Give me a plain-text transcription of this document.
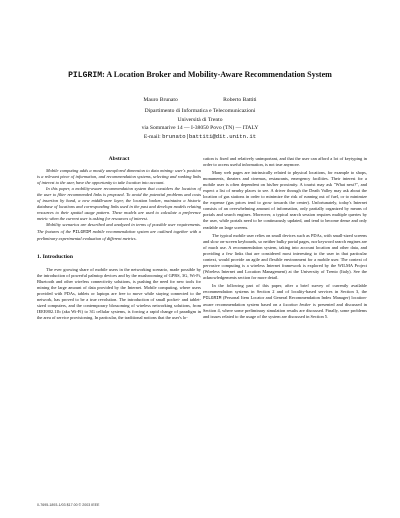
PILGRIM: A Location Broker and Mobility-Aware Recommendation System
Mauro Brunato	Roberto Battiti
Dipartimento di Informatica e Telecomunicazioni
Università di Trento
via Sommarive 14 — I-38050 Povo (TN) — ITALY
E-mail: brunato|battiti@dit.unitn.it
Abstract

Mobile computing adds a mostly unexplored dimension to data mining: user's position is a relevant piece of information, and recommendation systems, selecting and ranking links of interest to the user, have the opportunity to take location into account.

In this paper, a mobility-aware recommendation system that considers the location of the user to filter recommended links is proposed. To avoid the potential problems and costs of insertion by hand, a new middleware layer, the location broker, maintains a historic database of locations and corresponding links used in the past and develops models relating resources to their spatial usage pattern. These models are used to calculate a preference metric when the current user is asking for resources of interest.

Mobility scenarios are described and analyzed in terms of possible user requirements. The features of the PILGRIM mobile recommendation system are outlined together with a preliminary experimental evaluation of different metrics.

1. Introduction

The ever growing share of mobile users in the networking scenario, made possible by the introduction of powerful palmtop devices and by the mushrooming of GPRS, 3G, Wi-Fi, Bluetooth and other wireless connectivity solutions, is pushing the need for new tools for mining the large amount of data provided by the Internet. Mobile computing, where users provided with PDAs, tablets or laptops are free to move while staying connected to the network, has proved to be a true revolution. The introduction of small pocket- and tablet-sized computers, and the contemporary blossoming of wireless networking solutions, from IEEE802.11b (aka Wi-Fi) to 3G cellular systems, is forcing a rapid change of paradigm in the area of service provisioning. In particular, the traditional notions that the user's lo-

cation is fixed and relatively unimportant, and that the user can afford a lot of keytyping in order to access useful information, is not true anymore.

Many web pages are intrinsically related to physical locations, for example to shops, monuments, theaters and cinemas, restaurants, emergency facilities. Their interest for a mobile user is often dependent on his/her proximity. A tourist may ask "What next?", and expect a list of nearby places to see. A driver through the Death Valley may ask about the location of gas stations in order to minimize the risk of running out of fuel, or to minimize the expense (gas prices tend to grow towards the center). Unfortunately, today's Internet consists of an overwhelming amount of information, only partially organized by means of portals and search engines. Moreover, a typical search session requires multiple queries by the user, while portals need to be continuously updated, and tend to become dense and only readable on large screens.

The typical mobile user relies on small devices such as PDAs, with small-sized screens and slow on-screen keyboards, so neither bulky portal pages, nor keyword search engines are of much use. A recommendation system, taking into account location and other data, and providing a few links that are considered most interesting to the user in that particular context, would provide an agile and flexible environment for a mobile user. The context of pervasive computing is a wireless Internet framework is explored by the WILMA Project (Wireless Internet and Location Management) at the University of Trento (Italy). See the acknowledgements section for more detail.

In the following part of this paper, after a brief survey of currently available recommendation systems in Section 2 and of locality-based services in Section 3, the PILGRIM (Personal Item Locator and General Recommendation Index Manager) location-aware recommendation system based on a location broker is presented and discussed in Section 4, where some preliminary simulation results are discussed. Finally, some problems and issues related to the usage of the system are discussed in Section 5.

0-7695-1893-1/03 $17.00 © 2003 IEEE
